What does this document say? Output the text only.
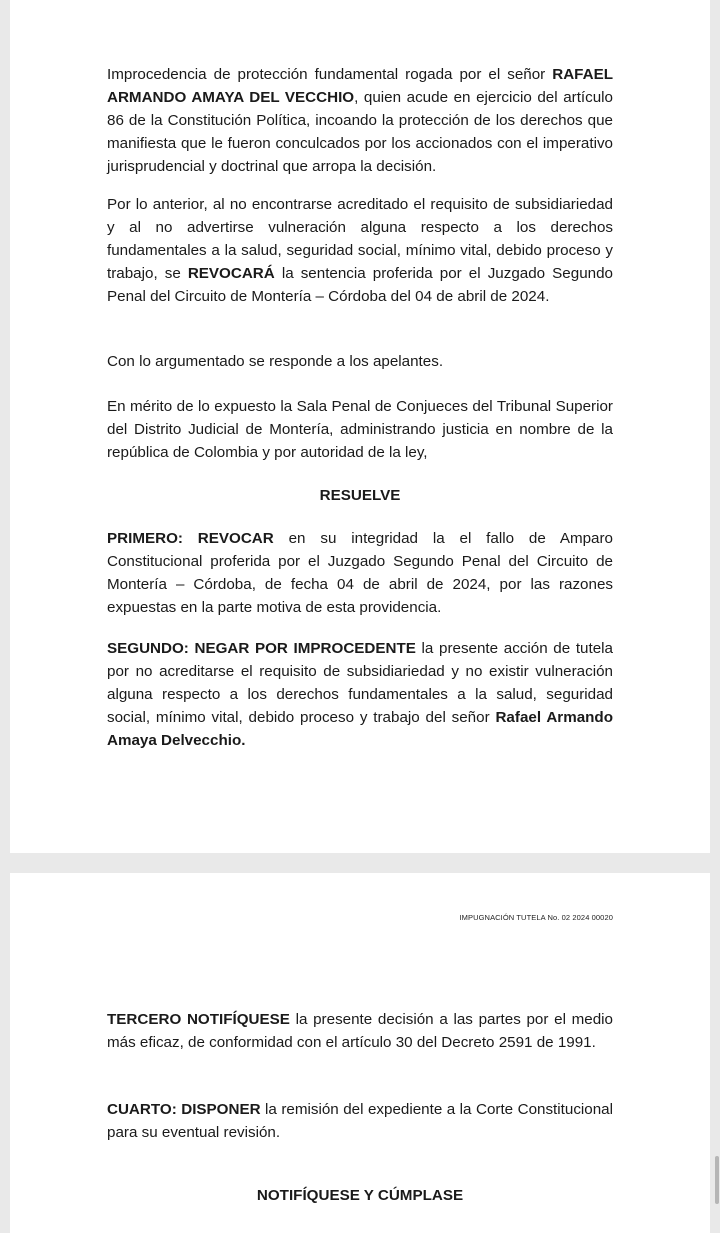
Improcedencia de protección fundamental rogada por el señor RAFAEL ARMANDO AMAYA DEL VECCHIO, quien acude en ejercicio del artículo 86 de la Constitución Política, incoando la protección de los derechos que manifiesta que le fueron conculcados por los accionados con el imperativo jurisprudencial y doctrinal que arropa la decisión.
Por lo anterior, al no encontrarse acreditado el requisito de subsidiariedad y al no advertirse vulneración alguna respecto a los derechos fundamentales a la salud, seguridad social, mínimo vital, debido proceso y trabajo, se REVOCARÁ la sentencia proferida por el Juzgado Segundo Penal del Circuito de Montería – Córdoba del 04 de abril de 2024.
Con lo argumentado se responde a los apelantes.
En mérito de lo expuesto la Sala Penal de Conjueces del Tribunal Superior del Distrito Judicial de Montería, administrando justicia en nombre de la república de Colombia y por autoridad de la ley,
RESUELVE
PRIMERO: REVOCAR en su integridad la el fallo de Amparo Constitucional proferida por el Juzgado Segundo Penal del Circuito de Montería – Córdoba, de fecha 04 de abril de 2024, por las razones expuestas en la parte motiva de esta providencia.
SEGUNDO: NEGAR POR IMPROCEDENTE la presente acción de tutela por no acreditarse el requisito de subsidiariedad y no existir vulneración alguna respecto a los derechos fundamentales a la salud, seguridad social, mínimo vital, debido proceso y trabajo del señor Rafael Armando Amaya Delvecchio.
IMPUGNACIÓN TUTELA No. 02 2024 00020
TERCERO NOTIFÍQUESE la presente decisión a las partes por el medio más eficaz, de conformidad con el artículo 30 del Decreto 2591 de 1991.
CUARTO: DISPONER la remisión del expediente a la Corte Constitucional para su eventual revisión.
NOTIFÍQUESE Y CÚMPLASE
